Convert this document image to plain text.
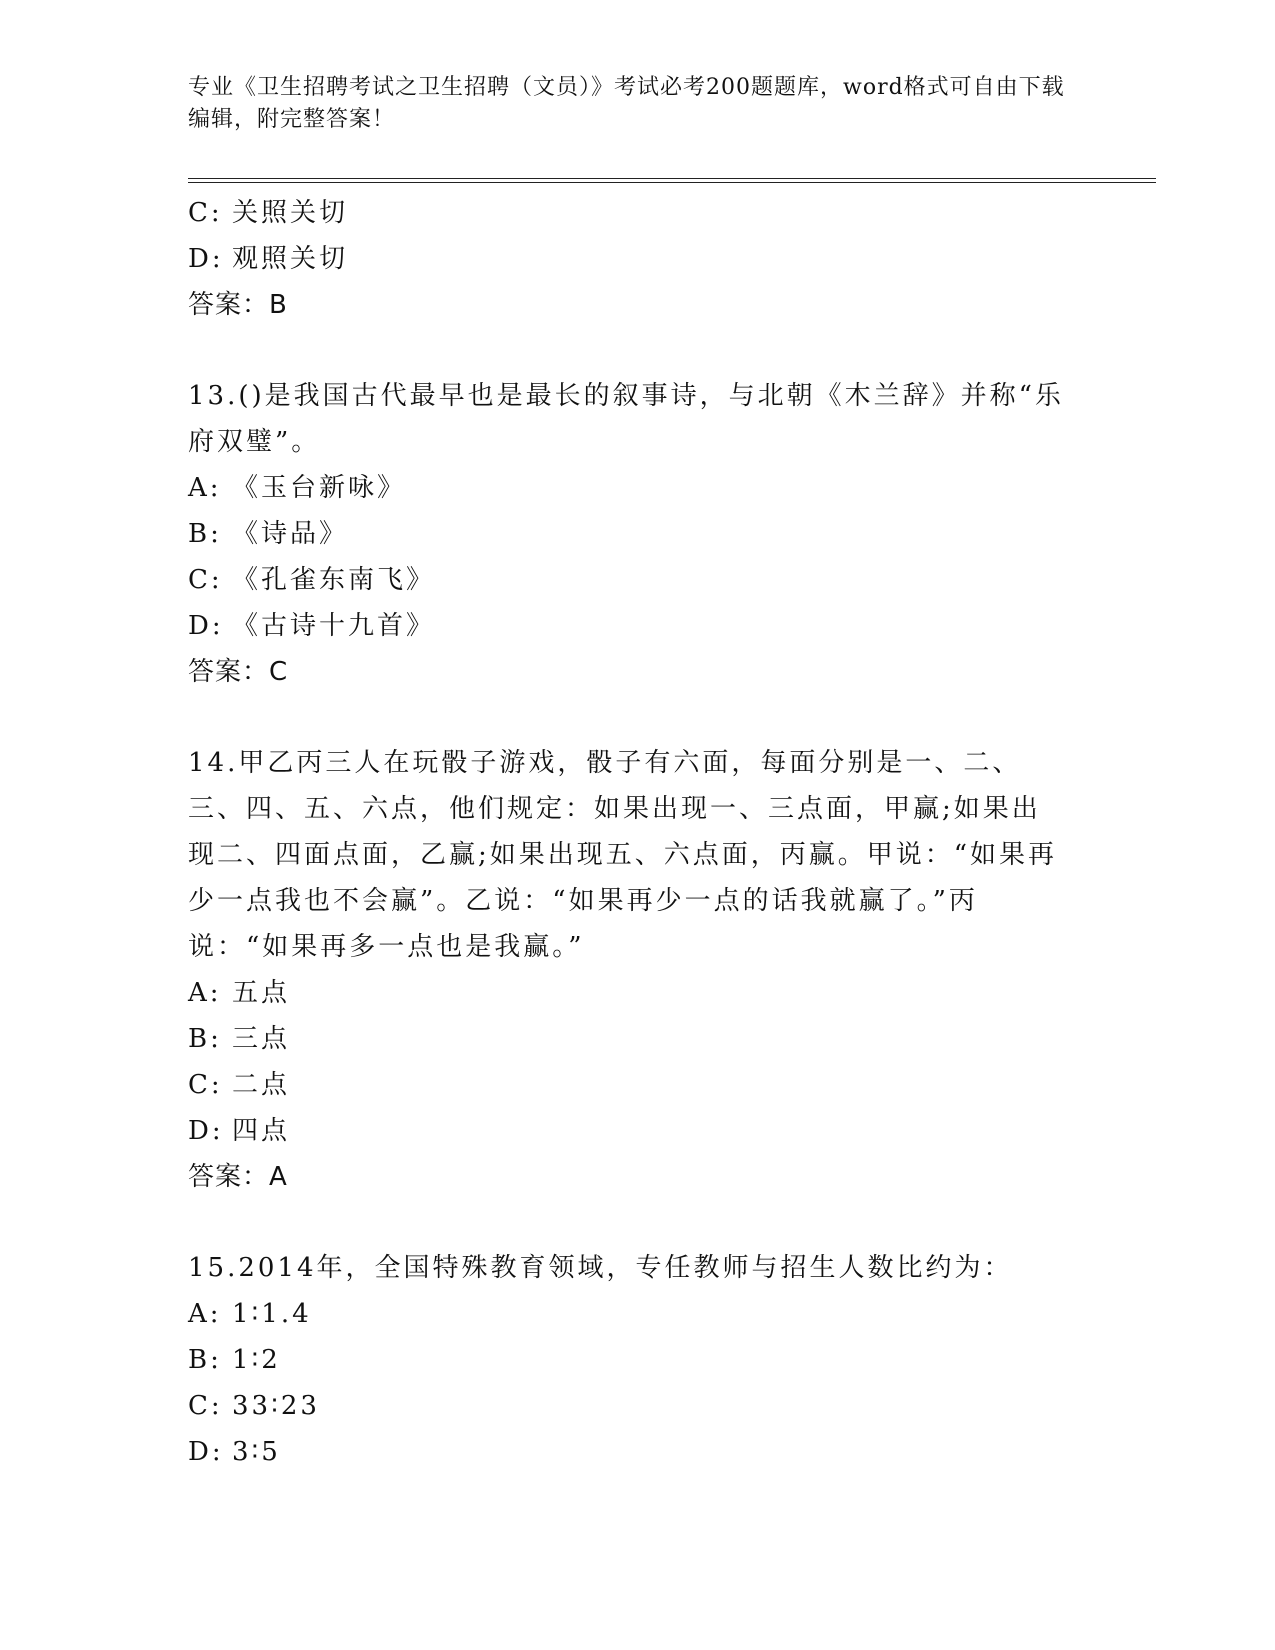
专业《卫生招聘考试之卫生招聘（文员）》考试必考200题题库，word格式可自由下载编辑，附完整答案！
C: 关照关切
D: 观照关切
答案：B
13.()是我国古代最早也是最长的叙事诗，与北朝《木兰辞》并称“乐府双璧”。
A: 《玉台新咏》
B: 《诗品》
C: 《孔雀东南飞》
D: 《古诗十九首》
答案：C
14.甲乙丙三人在玩骰子游戏，骰子有六面，每面分别是一、二、三、四、五、六点，他们规定：如果出现一、三点面，甲赢;如果出现二、四面点面，乙赢;如果出现五、六点面，丙赢。甲说：“如果再少一点我也不会赢”。乙说：“如果再少一点的话我就赢了。”丙说：“如果再多一点也是我赢。”
A: 五点
B: 三点
C: 二点
D: 四点
答案：A
15.2014年，全国特殊教育领域，专任教师与招生人数比约为：
A: 1∶1.4
B: 1∶2
C: 33∶23
D: 3∶5
